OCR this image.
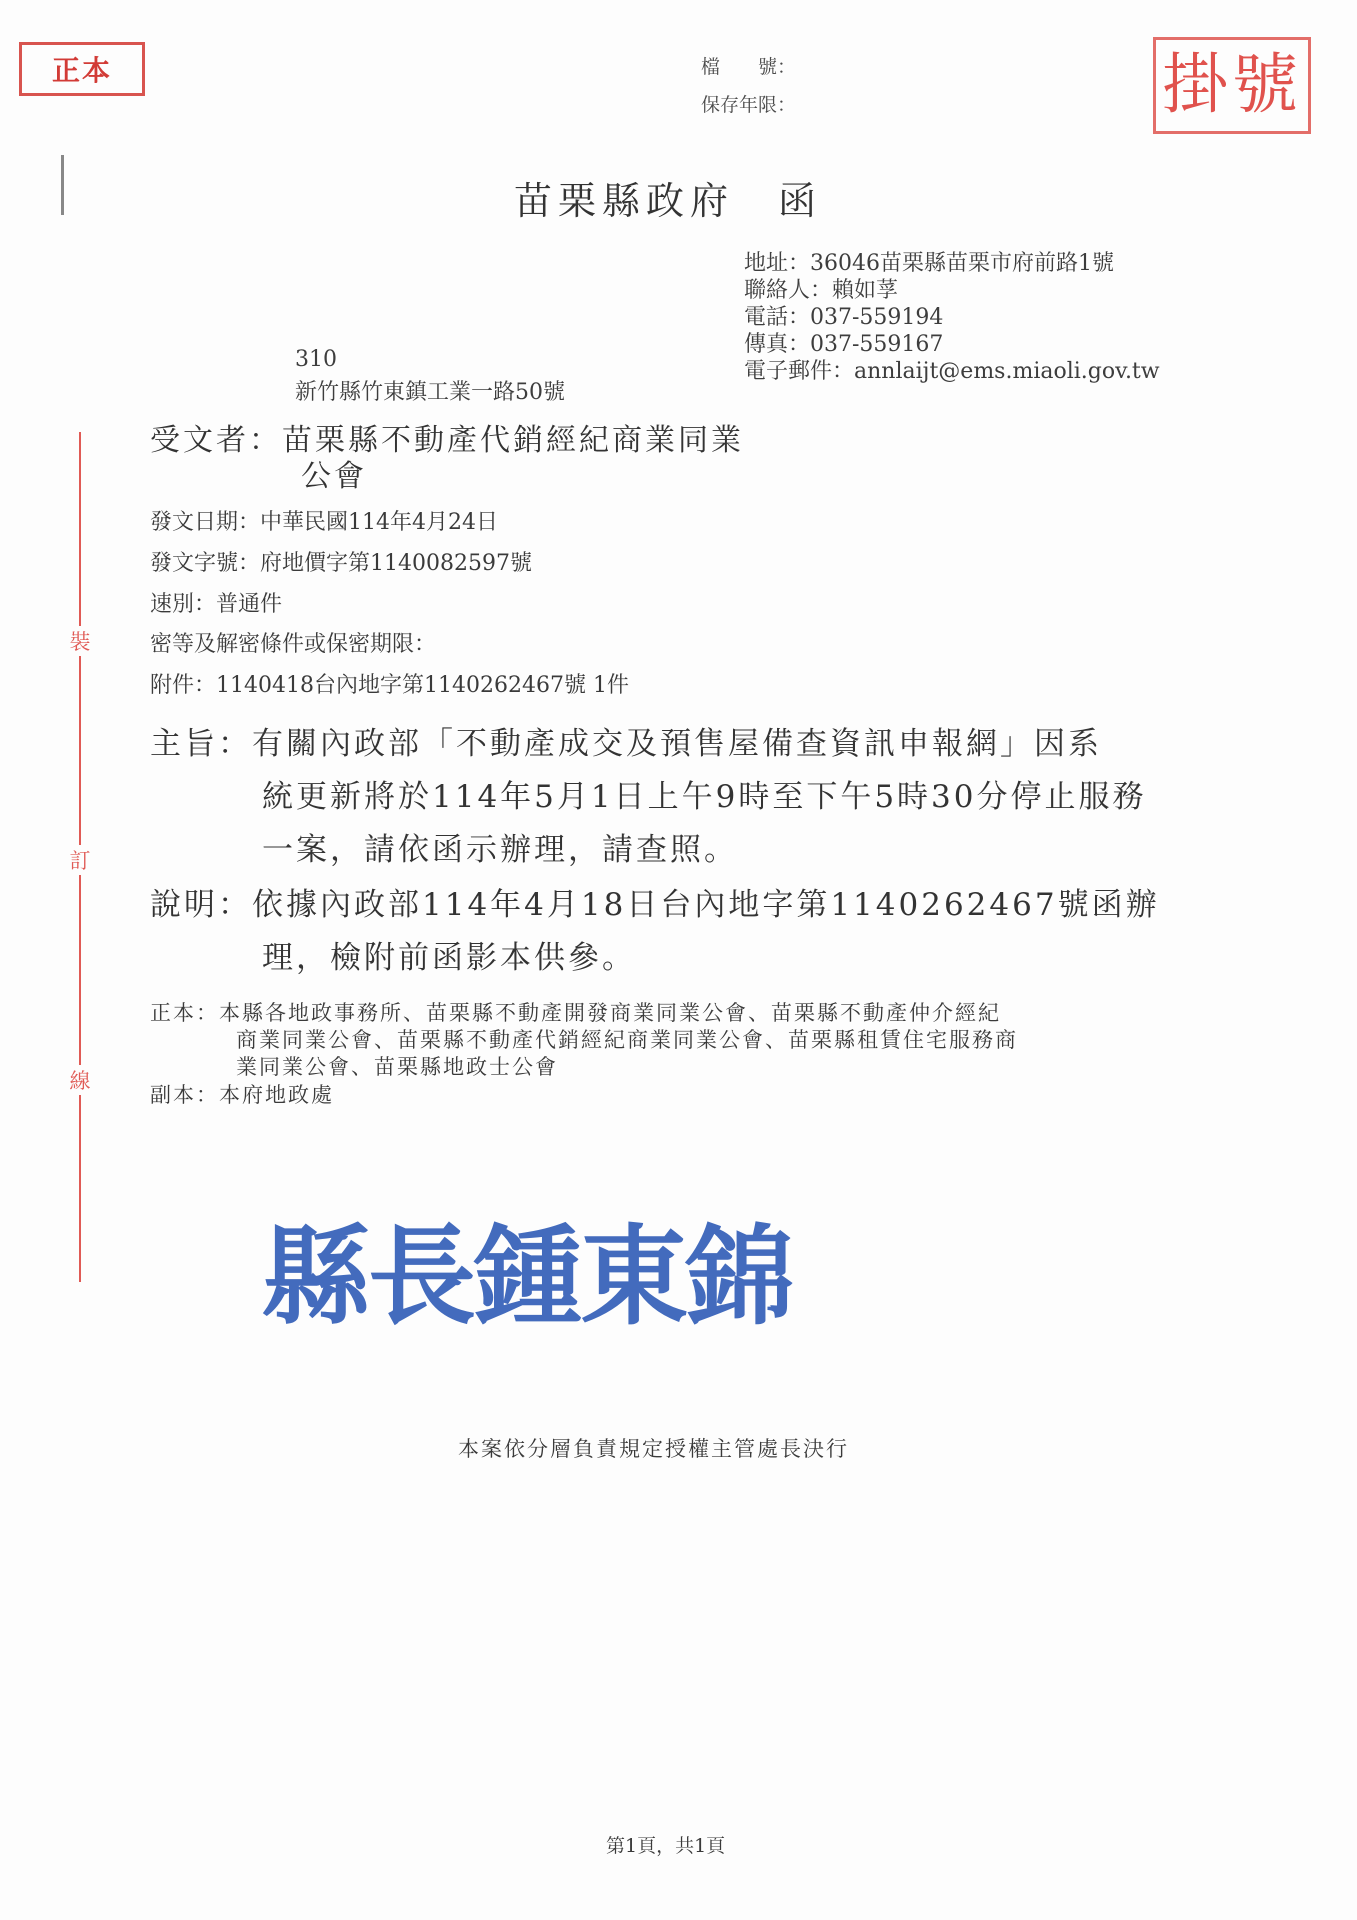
正本	掛號
檔　　號：
保存年限：
苗栗縣政府　函
地址：36046苗栗縣苗栗市府前路1號
聯絡人：賴如莩
電話：037-559194
傳真：037-559167
電子郵件：annlaijt@ems.miaoli.gov.tw
310
新竹縣竹東鎮工業一路50號
受文者：苗栗縣不動產代銷經紀商業同業
公會
發文日期：中華民國114年4月24日
發文字號：府地價字第1140082597號
速別：普通件
密等及解密條件或保密期限：
附件：1140418台內地字第1140262467號 1件
主旨：有關內政部「不動產成交及預售屋備查資訊申報網」因系
統更新將於114年5月1日上午9時至下午5時30分停止服務
一案，請依函示辦理，請查照。
說明：依據內政部114年4月18日台內地字第1140262467號函辦
理，檢附前函影本供參。
正本：本縣各地政事務所、苗栗縣不動產開發商業同業公會、苗栗縣不動產仲介經紀
商業同業公會、苗栗縣不動產代銷經紀商業同業公會、苗栗縣租賃住宅服務商
業同業公會、苗栗縣地政士公會
副本：本府地政處
裝
訂
線
縣長鍾東錦
本案依分層負責規定授權主管處長決行
第1頁，共1頁
